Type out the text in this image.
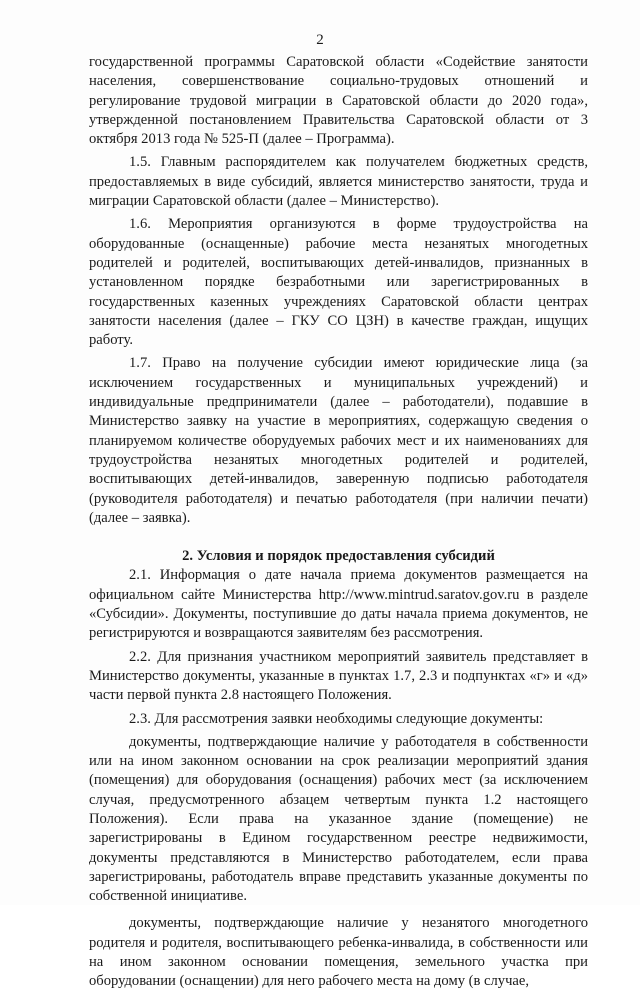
2

государственной программы Саратовской области «Содействие занятости населения, совершенствование социально-трудовых отношений и регулирование трудовой миграции в Саратовской области до 2020 года», утвержденной постановлением Правительства Саратовской области от 3 октября 2013 года № 525-П (далее – Программа).

1.5. Главным распорядителем как получателем бюджетных средств, предоставляемых в виде субсидий, является министерство занятости, труда и миграции Саратовской области (далее – Министерство).

1.6. Мероприятия организуются в форме трудоустройства на оборудованные (оснащенные) рабочие места незанятых многодетных родителей и родителей, воспитывающих детей-инвалидов, признанных в установленном порядке безработными или зарегистрированных в государственных казенных учреждениях Саратовской области центрах занятости населения (далее – ГКУ СО ЦЗН) в качестве граждан, ищущих работу.

1.7. Право на получение субсидии имеют юридические лица (за исключением государственных и муниципальных учреждений) и индивидуальные предприниматели (далее – работодатели), подавшие в Министерство заявку на участие в мероприятиях, содержащую сведения о планируемом количестве оборудуемых рабочих мест и их наименованиях для трудоустройства незанятых многодетных родителей и родителей, воспитывающих детей-инвалидов, заверенную подписью работодателя (руководителя работодателя) и печатью работодателя (при наличии печати) (далее – заявка).

2. Условия и порядок предоставления субсидий

2.1. Информация о дате начала приема документов размещается на официальном сайте Министерства http://www.mintrud.saratov.gov.ru в разделе «Субсидии». Документы, поступившие до даты начала приема документов, не регистрируются и возвращаются заявителям без рассмотрения.

2.2. Для признания участником мероприятий заявитель представляет в Министерство документы, указанные в пунктах 1.7, 2.3 и подпунктах «г» и «д» части первой пункта 2.8 настоящего Положения.

2.3. Для рассмотрения заявки необходимы следующие документы:

документы, подтверждающие наличие у работодателя в собственности или на ином законном основании на срок реализации мероприятий здания (помещения) для оборудования (оснащения) рабочих мест (за исключением случая, предусмотренного абзацем четвертым пункта 1.2 настоящего Положения). Если права на указанное здание (помещение) не зарегистрированы в Едином государственном реестре недвижимости, документы представляются в Министерство работодателем, если права зарегистрированы, работодатель вправе представить указанные документы по собственной инициативе.

документы, подтверждающие наличие у незанятого многодетного родителя и родителя, воспитывающего ребенка-инвалида, в собственности или на ином законном основании помещения, земельного участка при оборудовании (оснащении) для него рабочего места на дому (в случае,
